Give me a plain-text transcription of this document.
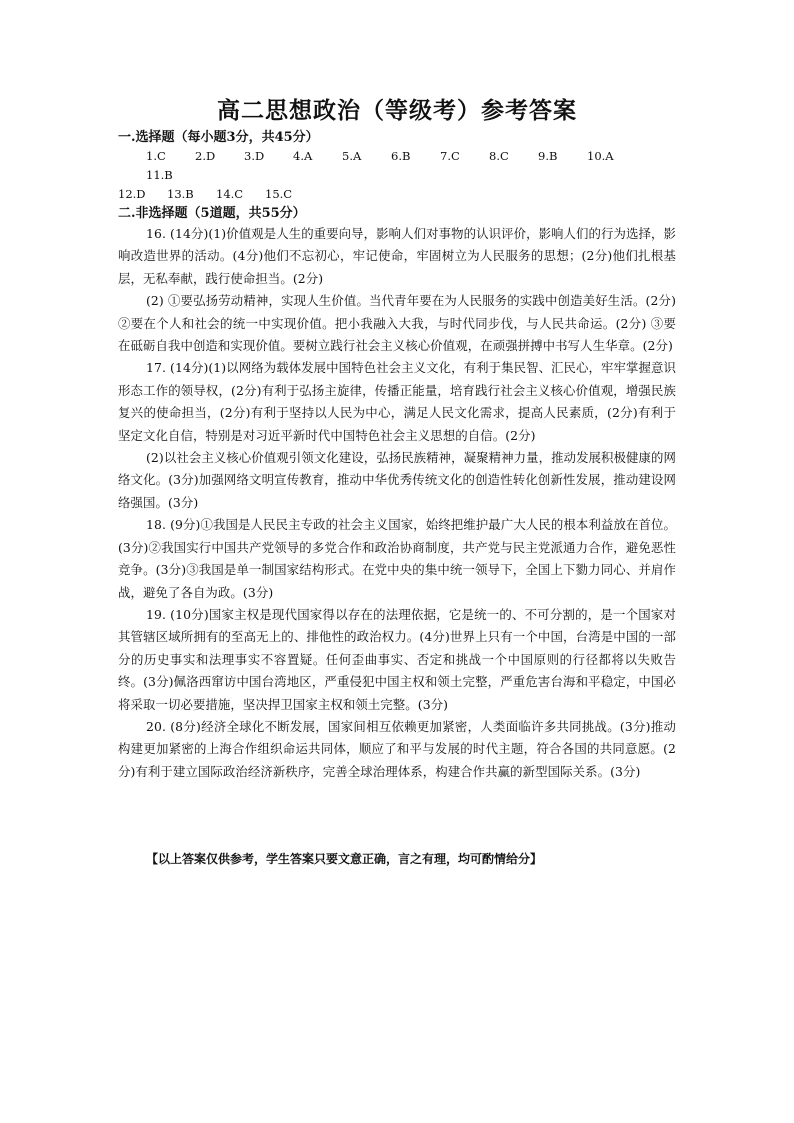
高二思想政治（等级考）参考答案

一.选择题（每小题3分，共45分）

1.C	2.D	3.D	4.A	5.A	6.B	7.C	8.C	9.B	10.A
11.B
12.D	13.B	14.C	15.C

二.非选择题（5道题，共55分）

16. (14分)(1)价值观是人生的重要向导，影响人们对事物的认识评价，影响人们的行为选择，影响改造世界的活动。(4分)他们不忘初心，牢记使命，牢固树立为人民服务的思想；(2分)他们扎根基层，无私奉献，践行使命担当。(2分)

(2) ①要弘扬劳动精神，实现人生价值。当代青年要在为人民服务的实践中创造美好生活。(2分) ②要在个人和社会的统一中实现价值。把小我融入大我，与时代同步伐，与人民共命运。(2分) ③要在砥砺自我中创造和实现价值。要树立践行社会主义核心价值观，在顽强拼搏中书写人生华章。(2分)

17. (14分)(1)以网络为载体发展中国特色社会主义文化，有利于集民智、汇民心，牢牢掌握意识形态工作的领导权，(2分)有利于弘扬主旋律，传播正能量，培育践行社会主义核心价值观，增强民族复兴的使命担当，(2分)有利于坚持以人民为中心，满足人民文化需求，提高人民素质，(2分)有利于坚定文化自信，特别是对习近平新时代中国特色社会主义思想的自信。(2分)

(2)以社会主义核心价值观引领文化建设，弘扬民族精神，凝聚精神力量，推动发展积极健康的网络文化。(3分)加强网络文明宣传教育，推动中华优秀传统文化的创造性转化创新性发展，推动建设网络强国。(3分)

18. (9分)①我国是人民民主专政的社会主义国家，始终把维护最广大人民的根本利益放在首位。(3分)②我国实行中国共产党领导的多党合作和政治协商制度，共产党与民主党派通力合作，避免恶性竞争。(3分)③我国是单一制国家结构形式。在党中央的集中统一领导下，全国上下勠力同心、并肩作战，避免了各自为政。(3分)

19. (10分)国家主权是现代国家得以存在的法理依据，它是统一的、不可分割的，是一个国家对其管辖区域所拥有的至高无上的、排他性的政治权力。(4分)世界上只有一个中国，台湾是中国的一部分的历史事实和法理事实不容置疑。任何歪曲事实、否定和挑战一个中国原则的行径都将以失败告终。(3分)佩洛西窜访中国台湾地区，严重侵犯中国主权和领土完整，严重危害台海和平稳定，中国必将采取一切必要措施，坚决捍卫国家主权和领土完整。(3分)

20. (8分)经济全球化不断发展，国家间相互依赖更加紧密，人类面临许多共同挑战。(3分)推动构建更加紧密的上海合作组织命运共同体，顺应了和平与发展的时代主题，符合各国的共同意愿。(2分)有利于建立国际政治经济新秩序，完善全球治理体系，构建合作共赢的新型国际关系。(3分)

【以上答案仅供参考，学生答案只要文意正确，言之有理，均可酌情给分】
